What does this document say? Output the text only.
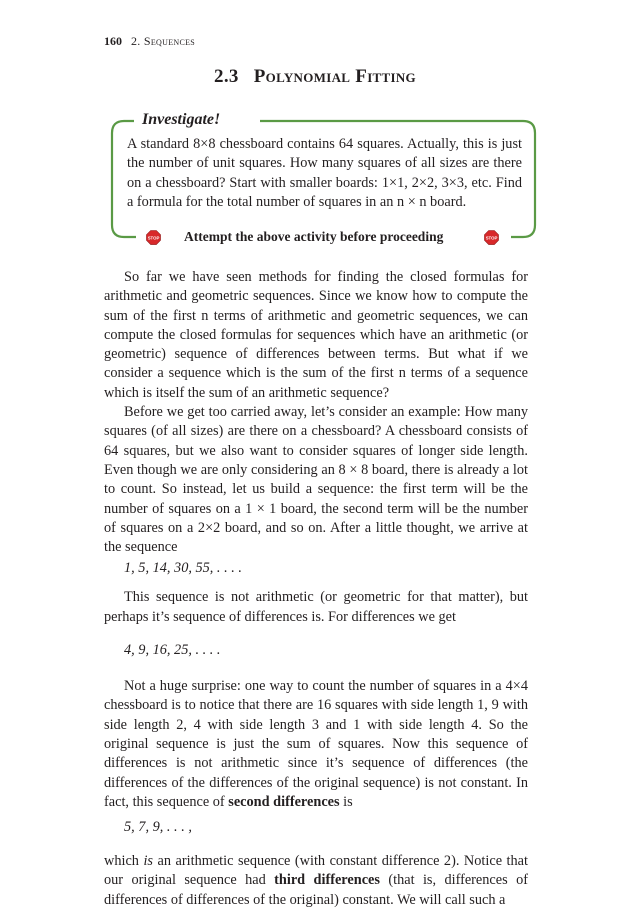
160 2. Sequences
2.3 Polynomial Fitting
Investigate!
A standard 8×8 chessboard contains 64 squares. Actually, this is just the number of unit squares. How many squares of all sizes are there on a chessboard? Start with smaller boards: 1×1, 2×2, 3×3, etc. Find a formula for the total number of squares in an n × n board.
STOP Attempt the above activity before proceeding	STOP

So far we have seen methods for finding the closed formulas for arithmetic and geometric sequences. Since we know how to compute the sum of the first n terms of arithmetic and geometric sequences, we can compute the closed formulas for sequences which have an arithmetic (or geometric) sequence of differences between terms. But what if we consider a sequence which is the sum of the first n terms of a sequence which is itself the sum of an arithmetic sequence?

Before we get too carried away, let’s consider an example: How many squares (of all sizes) are there on a chessboard? A chessboard consists of 64 squares, but we also want to consider squares of longer side length. Even though we are only considering an 8 × 8 board, there is already a lot to count. So instead, let us build a sequence: the first term will be the number of squares on a 1 × 1 board, the second term will be the number of squares on a 2×2 board, and so on. After a little thought, we arrive at the sequence

1, 5, 14, 30, 55, . . . .

This sequence is not arithmetic (or geometric for that matter), but perhaps it’s sequence of differences is. For differences we get

4, 9, 16, 25, . . . .

Not a huge surprise: one way to count the number of squares in a 4×4 chessboard is to notice that there are 16 squares with side length 1, 9 with side length 2, 4 with side length 3 and 1 with side length 4. So the original sequence is just the sum of squares. Now this sequence of differences is not arithmetic since it’s sequence of differences (the differences of the differences of the original sequence) is not constant. In fact, this sequence of second differences is

5, 7, 9, . . . ,

which is an arithmetic sequence (with constant difference 2). Notice that our original sequence had third differences (that is, differences of differences of differences of the original) constant. We will call such a
